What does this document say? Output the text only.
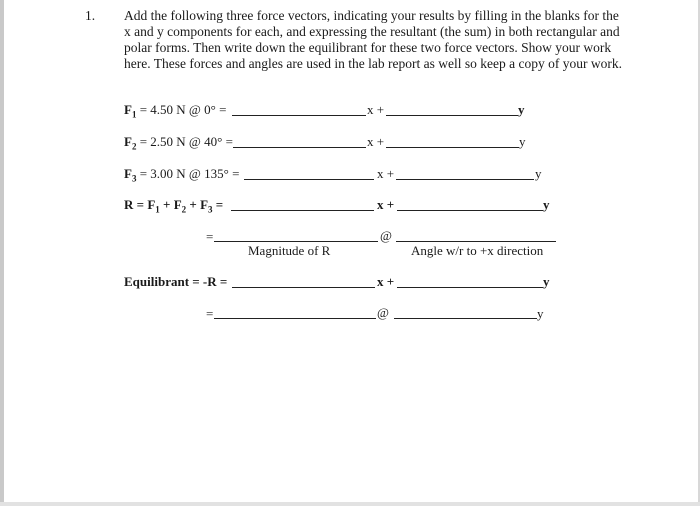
1. Add the following three force vectors, indicating your results by filling in the blanks for the x and y components for each, and expressing the resultant (the sum) in both rectangular and polar forms. Then write down the equilibrant for these two force vectors. Show your work here. These forces and angles are used in the lab report as well so keep a copy of your work.
$F_1 = 4.50$ N @ 0° =	x +	y
$F_2 = 2.50$ N @ 40° =	x +	y
$F_3 = 3.00$ N @ 135° =	x +	y
$R = F_1 + F_2 + F_3$ =	x +	y
=	@
Magnitude of R	Angle w/r to +x direction
Equilibrant = -R =	x +	y
=	@	y
